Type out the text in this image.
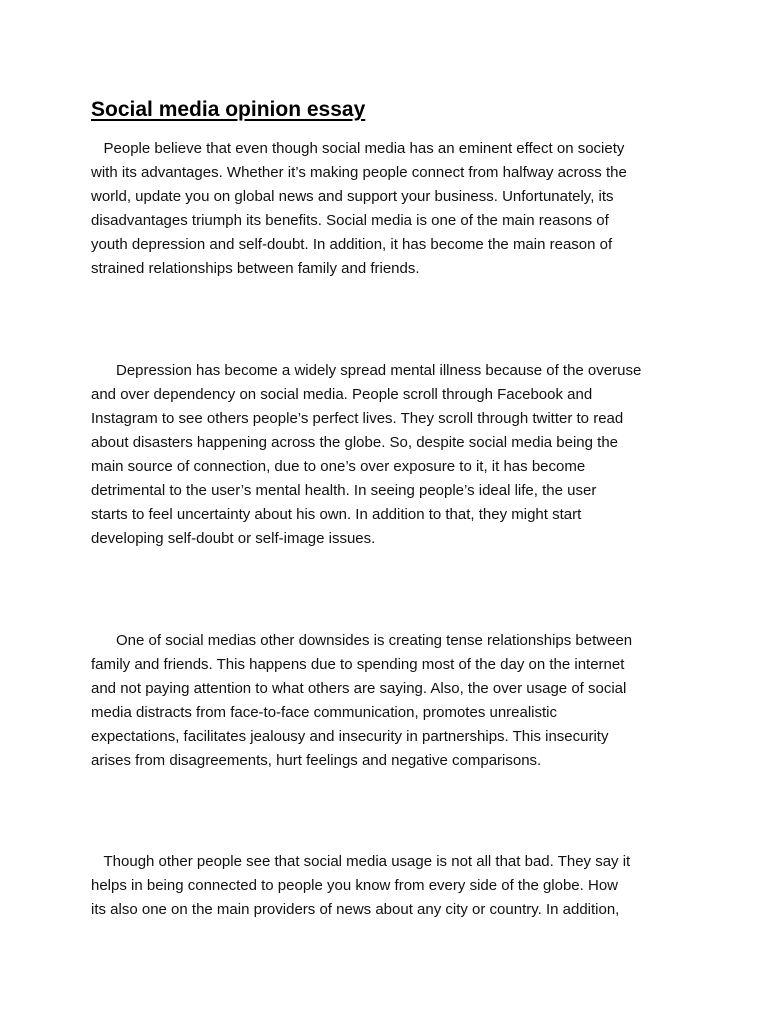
Social media opinion essay
People believe that even though social media has an eminent effect on society
with its advantages. Whether it’s making people connect from halfway across the
world, update you on global news and support your business. Unfortunately, its
disadvantages triumph its benefits. Social media is one of the main reasons of
youth depression and self-doubt. In addition, it has become the main reason of
strained relationships between family and friends.
Depression has become a widely spread mental illness because of the overuse
and over dependency on social media. People scroll through Facebook and
Instagram to see others people’s perfect lives. They scroll through twitter to read
about disasters happening across the globe. So, despite social media being the
main source of connection, due to one’s over exposure to it, it has become
detrimental to the user’s mental health. In seeing people’s ideal life, the user
starts to feel uncertainty about his own. In addition to that, they might start
developing self-doubt or self-image issues.
One of social medias other downsides is creating tense relationships between
family and friends. This happens due to spending most of the day on the internet
and not paying attention to what others are saying. Also, the over usage of social
media distracts from face-to-face communication, promotes unrealistic
expectations, facilitates jealousy and insecurity in partnerships. This insecurity
arises from disagreements, hurt feelings and negative comparisons.
Though other people see that social media usage is not all that bad. They say it
helps in being connected to people you know from every side of the globe. How
its also one on the main providers of news about any city or country. In addition,
